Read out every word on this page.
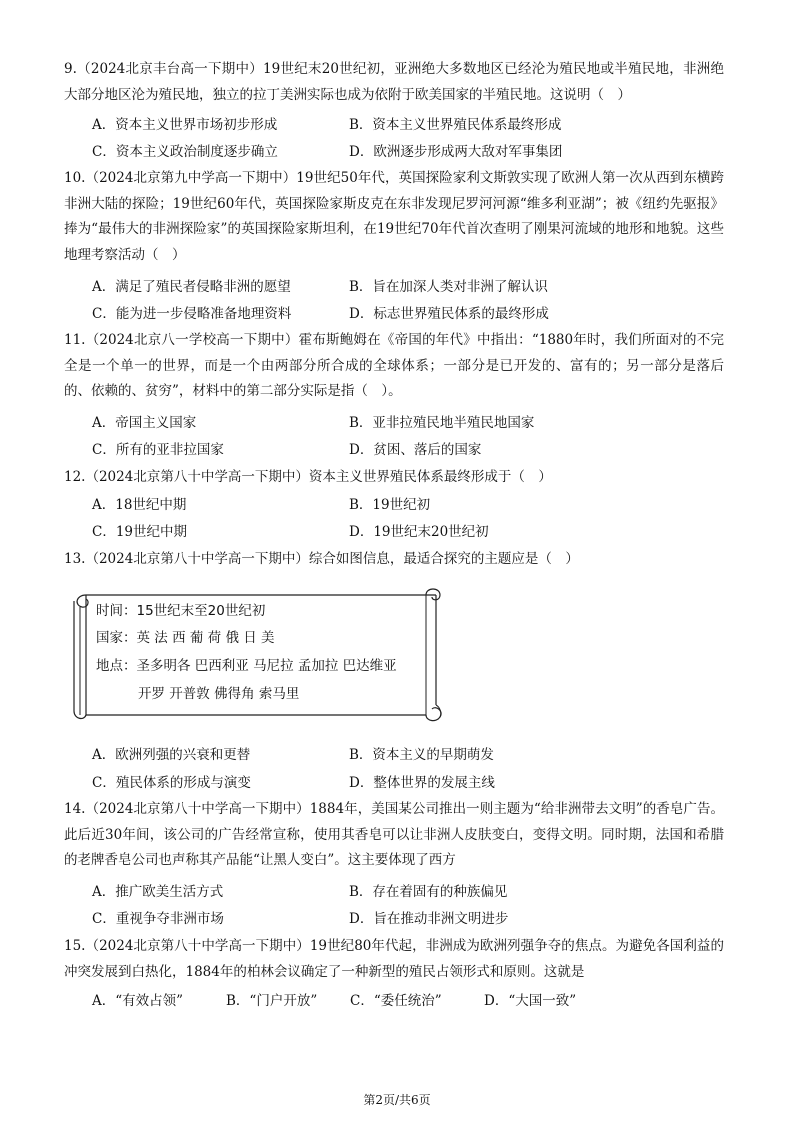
9.（2024北京丰台高一下期中）19世纪末20世纪初，亚洲绝大多数地区已经沦为殖民地或半殖民地，非洲绝大部分地区沦为殖民地，独立的拉丁美洲实际也成为依附于欧美国家的半殖民地。这说明（　）
A．资本主义世界市场初步形成	B．资本主义世界殖民体系最终形成
C．资本主义政治制度逐步确立	D．欧洲逐步形成两大敌对军事集团
10.（2024北京第九中学高一下期中）19世纪50年代，英国探险家利文斯敦实现了欧洲人第一次从西到东横跨非洲大陆的探险；19世纪60年代，英国探险家斯皮克在东非发现尼罗河河源“维多利亚湖”；被《纽约先驱报》捧为“最伟大的非洲探险家”的英国探险家斯坦利，在19世纪70年代首次查明了刚果河流域的地形和地貌。这些地理考察活动（　）
A．满足了殖民者侵略非洲的愿望	B．旨在加深人类对非洲了解认识
C．能为进一步侵略准备地理资料	D．标志世界殖民体系的最终形成
11.（2024北京八一学校高一下期中）霍布斯鲍姆在《帝国的年代》中指出：“1880年时，我们所面对的不完全是一个单一的世界，而是一个由两部分所合成的全球体系；一部分是已开发的、富有的；另一部分是落后的、依赖的、贫穷”，材料中的第二部分实际是指（　）。
A．帝国主义国家	B．亚非拉殖民地半殖民地国家
C．所有的亚非拉国家	D．贫困、落后的国家
12.（2024北京第八十中学高一下期中）资本主义世界殖民体系最终形成于（　）
A．18世纪中期	B．19世纪初
C．19世纪中期	D．19世纪末20世纪初
13.（2024北京第八十中学高一下期中）综合如图信息，最适合探究的主题应是（　）
时间：15世纪末至20世纪初
国家：英 法 西 葡 荷 俄 日 美
地点：圣多明各 巴西利亚 马尼拉 孟加拉 巴达维亚
开罗 开普敦 佛得角 索马里
A．欧洲列强的兴衰和更替	B．资本主义的早期萌发
C．殖民体系的形成与演变	D．整体世界的发展主线
14.（2024北京第八十中学高一下期中）1884年，美国某公司推出一则主题为“给非洲带去文明”的香皂广告。此后近30年间，该公司的广告经常宣称，使用其香皂可以让非洲人皮肤变白，变得文明。同时期，法国和希腊的老牌香皂公司也声称其产品能“让黑人变白”。这主要体现了西方
A．推广欧美生活方式	B．存在着固有的种族偏见
C．重视争夺非洲市场	D．旨在推动非洲文明进步
15.（2024北京第八十中学高一下期中）19世纪80年代起，非洲成为欧洲列强争夺的焦点。为避免各国利益的冲突发展到白热化，1884年的柏林会议确定了一种新型的殖民占领形式和原则。这就是
A．“有效占领”	B．“门户开放” C．“委任统治”	D．“大国一致”
第2页/共6页
